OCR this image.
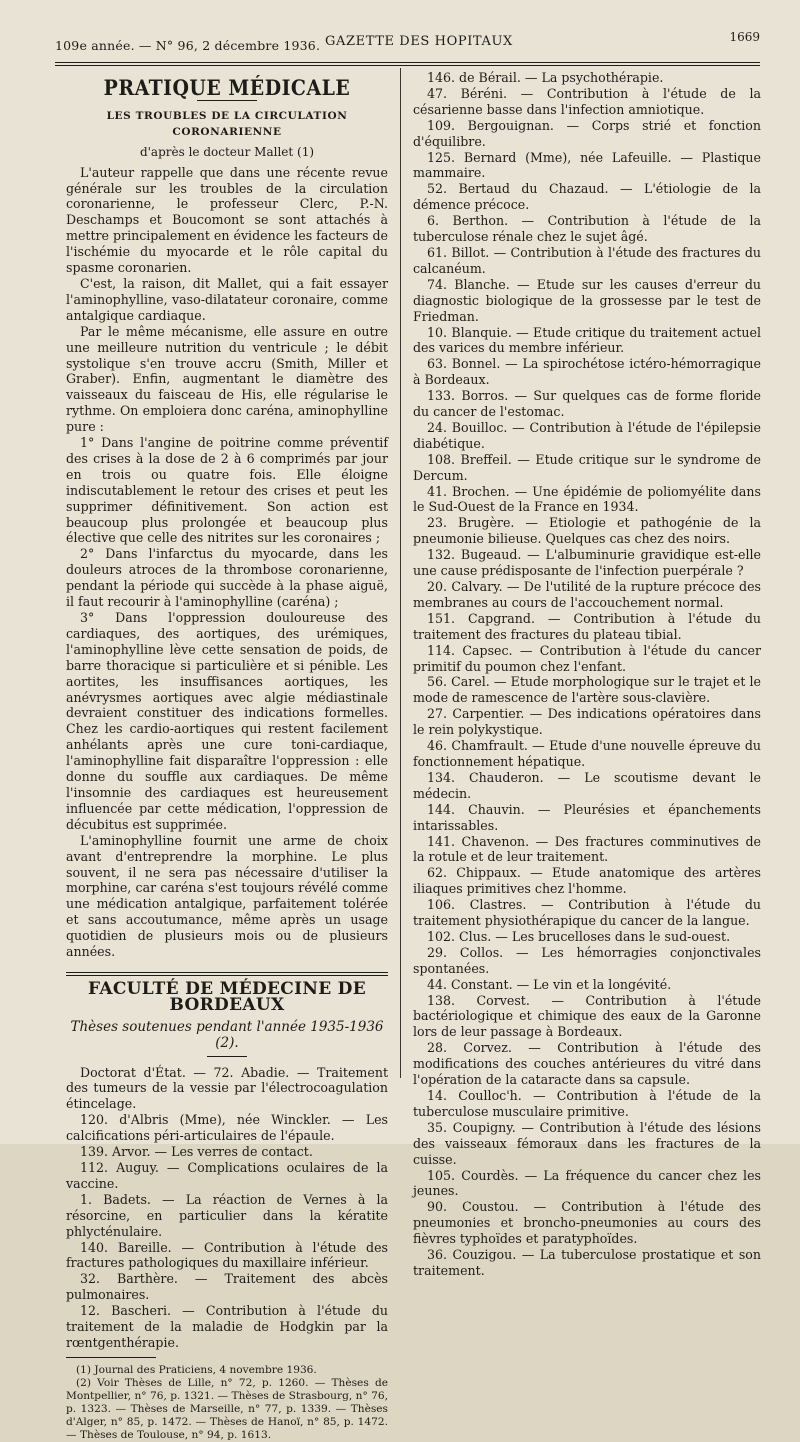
109e année. — N° 96, 2 décembre 1936. GAZETTE DES HOPITAUX	1669
PRATIQUE MÉDICALE
LES TROUBLES DE LA CIRCULATION CORONARIENNE
d'après le docteur Mallet (1)

L'auteur rappelle que dans une récente revue générale sur les troubles de la circulation coronarienne, le professeur Clerc, P.-N. Deschamps et Boucomont se sont attachés à mettre principalement en évidence les facteurs de l'ischémie du myocarde et le rôle capital du spasme coronarien.

C'est, la raison, dit Mallet, qui a fait essayer l'aminophylline, vaso-dilatateur coronaire, comme antalgique cardiaque.

Par le même mécanisme, elle assure en outre une meilleure nutrition du ventricule ; le débit systolique s'en trouve accru (Smith, Miller et Graber). Enfin, augmentant le diamètre des vaisseaux du faisceau de His, elle régularise le rythme. On emploiera donc caréna, aminophylline pure :

1° Dans l'angine de poitrine comme préventif des crises à la dose de 2 à 6 comprimés par jour en trois ou quatre fois. Elle éloigne indiscutablement le retour des crises et peut les supprimer définitivement. Son action est beaucoup plus prolongée et beaucoup plus élective que celle des nitrites sur les coronaires ;

2° Dans l'infarctus du myocarde, dans les douleurs atroces de la thrombose coronarienne, pendant la période qui succède à la phase aiguë, il faut recourir à l'aminophylline (caréna) ;

3° Dans l'oppression douloureuse des cardiaques, des aortiques, des urémiques, l'aminophylline lève cette sensation de poids, de barre thoracique si particulière et si pénible. Les aortites, les insuffisances aortiques, les anévrysmes aortiques avec algie médiastinale devraient constituer des indications formelles. Chez les cardio-aortiques qui restent facilement anhélants après une cure toni-cardiaque, l'aminophylline fait disparaître l'oppression : elle donne du souffle aux cardiaques. De même l'insomnie des cardiaques est heureusement influencée par cette médication, l'oppression de décubitus est supprimée.

L'aminophylline fournit une arme de choix avant d'entreprendre la morphine. Le plus souvent, il ne sera pas nécessaire d'utiliser la morphine, car caréna s'est toujours révélé comme une médication antalgique, parfaitement tolérée et sans accoutumance, même après un usage quotidien de plusieurs mois ou de plusieurs années.

FACULTÉ DE MÉDECINE DE BORDEAUX
Thèses soutenues pendant l'année 1935-1936 (2).

Doctorat d'État. — 72. Abadie. — Traitement des tumeurs de la vessie par l'électrocoagulation étincelage.

120. d'Albris (Mme), née Winckler. — Les calcifications péri-articulaires de l'épaule.

139. Arvor. — Les verres de contact.

112. Auguy. — Complications oculaires de la vaccine.

1. Badets. — La réaction de Vernes à la résorcine, en particulier dans la kératite phlycténulaire.

140. Bareille. — Contribution à l'étude des fractures pathologiques du maxillaire inférieur.

32. Barthère. — Traitement des abcès pulmonaires.

12. Bascheri. — Contribution à l'étude du traitement de la maladie de Hodgkin par la rœntgenthérapie.

(1) Journal des Praticiens, 4 novembre 1936.

(2) Voir Thèses de Lille, n° 72, p. 1260. — Thèses de Montpellier, n° 76, p. 1321. — Thèses de Strasbourg, n° 76, p. 1323. — Thèses de Marseille, n° 77, p. 1339. — Thèses d'Alger, n° 85, p. 1472. — Thèses de Hanoï, n° 85, p. 1472. — Thèses de Toulouse, n° 94, p. 1613.

146. de Bérail. — La psychothérapie.

47. Béréni. — Contribution à l'étude de la césarienne basse dans l'infection amniotique.

109. Bergouignan. — Corps strié et fonction d'équilibre.

125. Bernard (Mme), née Lafeuille. — Plastique mammaire.

52. Bertaud du Chazaud. — L'étiologie de la démence précoce.

6. Berthon. — Contribution à l'étude de la tuberculose rénale chez le sujet âgé.

61. Billot. — Contribution à l'étude des fractures du calcanéum.

74. Blanche. — Etude sur les causes d'erreur du diagnostic biologique de la grossesse par le test de Friedman.

10. Blanquie. — Etude critique du traitement actuel des varices du membre inférieur.

63. Bonnel. — La spirochétose ictéro-hémorragique à Bordeaux.

133. Borros. — Sur quelques cas de forme floride du cancer de l'estomac.

24. Bouilloc. — Contribution à l'étude de l'épilepsie diabétique.

108. Breffeil. — Etude critique sur le syndrome de Dercum.

41. Brochen. — Une épidémie de poliomyélite dans le Sud-Ouest de la France en 1934.

23. Brugère. — Etiologie et pathogénie de la pneumonie bilieuse. Quelques cas chez des noirs.

132. Bugeaud. — L'albuminurie gravidique est-elle une cause prédisposante de l'infection puerpérale ?

20. Calvary. — De l'utilité de la rupture précoce des membranes au cours de l'accouchement normal.

151. Capgrand. — Contribution à l'étude du traitement des fractures du plateau tibial.

114. Capsec. — Contribution à l'étude du cancer primitif du poumon chez l'enfant.

56. Carel. — Etude morphologique sur le trajet et le mode de ramescence de l'artère sous-clavière.

27. Carpentier. — Des indications opératoires dans le rein polykystique.

46. Chamfrault. — Etude d'une nouvelle épreuve du fonctionnement hépatique.

134. Chauderon. — Le scoutisme devant le médecin.

144. Chauvin. — Pleurésies et épanchements intarissables.

141. Chavenon. — Des fractures comminutives de la rotule et de leur traitement.

62. Chippaux. — Etude anatomique des artères iliaques primitives chez l'homme.

106. Clastres. — Contribution à l'étude du traitement physiothérapique du cancer de la langue.

102. Clus. — Les brucelloses dans le sud-ouest.

29. Collos. — Les hémorragies conjonctivales spontanées.

44. Constant. — Le vin et la longévité.

138. Corvest. — Contribution à l'étude bactériologique et chimique des eaux de la Garonne lors de leur passage à Bordeaux.

28. Corvez. — Contribution à l'étude des modifications des couches antérieures du vitré dans l'opération de la cataracte dans sa capsule.

14. Coulloc'h. — Contribution à l'étude de la tuberculose musculaire primitive.

35. Coupigny. — Contribution à l'étude des lésions des vaisseaux fémoraux dans les fractures de la cuisse.

105. Courdès. — La fréquence du cancer chez les jeunes.

90. Coustou. — Contribution à l'étude des pneumonies et broncho-pneumonies au cours des fièvres typhoïdes et paratyphoïdes.

36. Couzigou. — La tuberculose prostatique et son traitement.
